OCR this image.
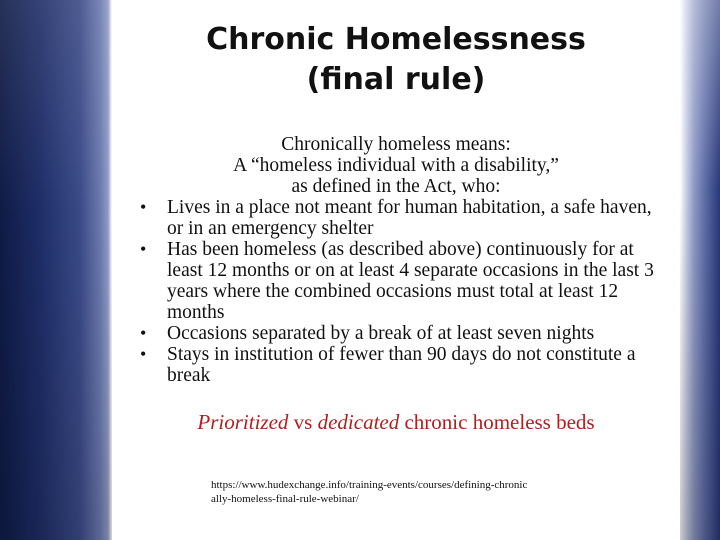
Chronic Homelessness
(final rule)
Chronically homeless means:
A “homeless individual with a disability,”
as defined in the Act, who:
• Lives in a place not meant for human habitation, a safe haven, or in an emergency shelter
• Has been homeless (as described above) continuously for at least 12 months or on at least 4 separate occasions in the last 3 years where the combined occasions must total at least 12 months
• Occasions separated by a break of at least seven nights
• Stays in institution of fewer than 90 days do not constitute a break
Prioritized vs dedicated chronic homeless beds
https://www.hudexchange.info/training-events/courses/defining-chronically-homeless-final-rule-webinar/
